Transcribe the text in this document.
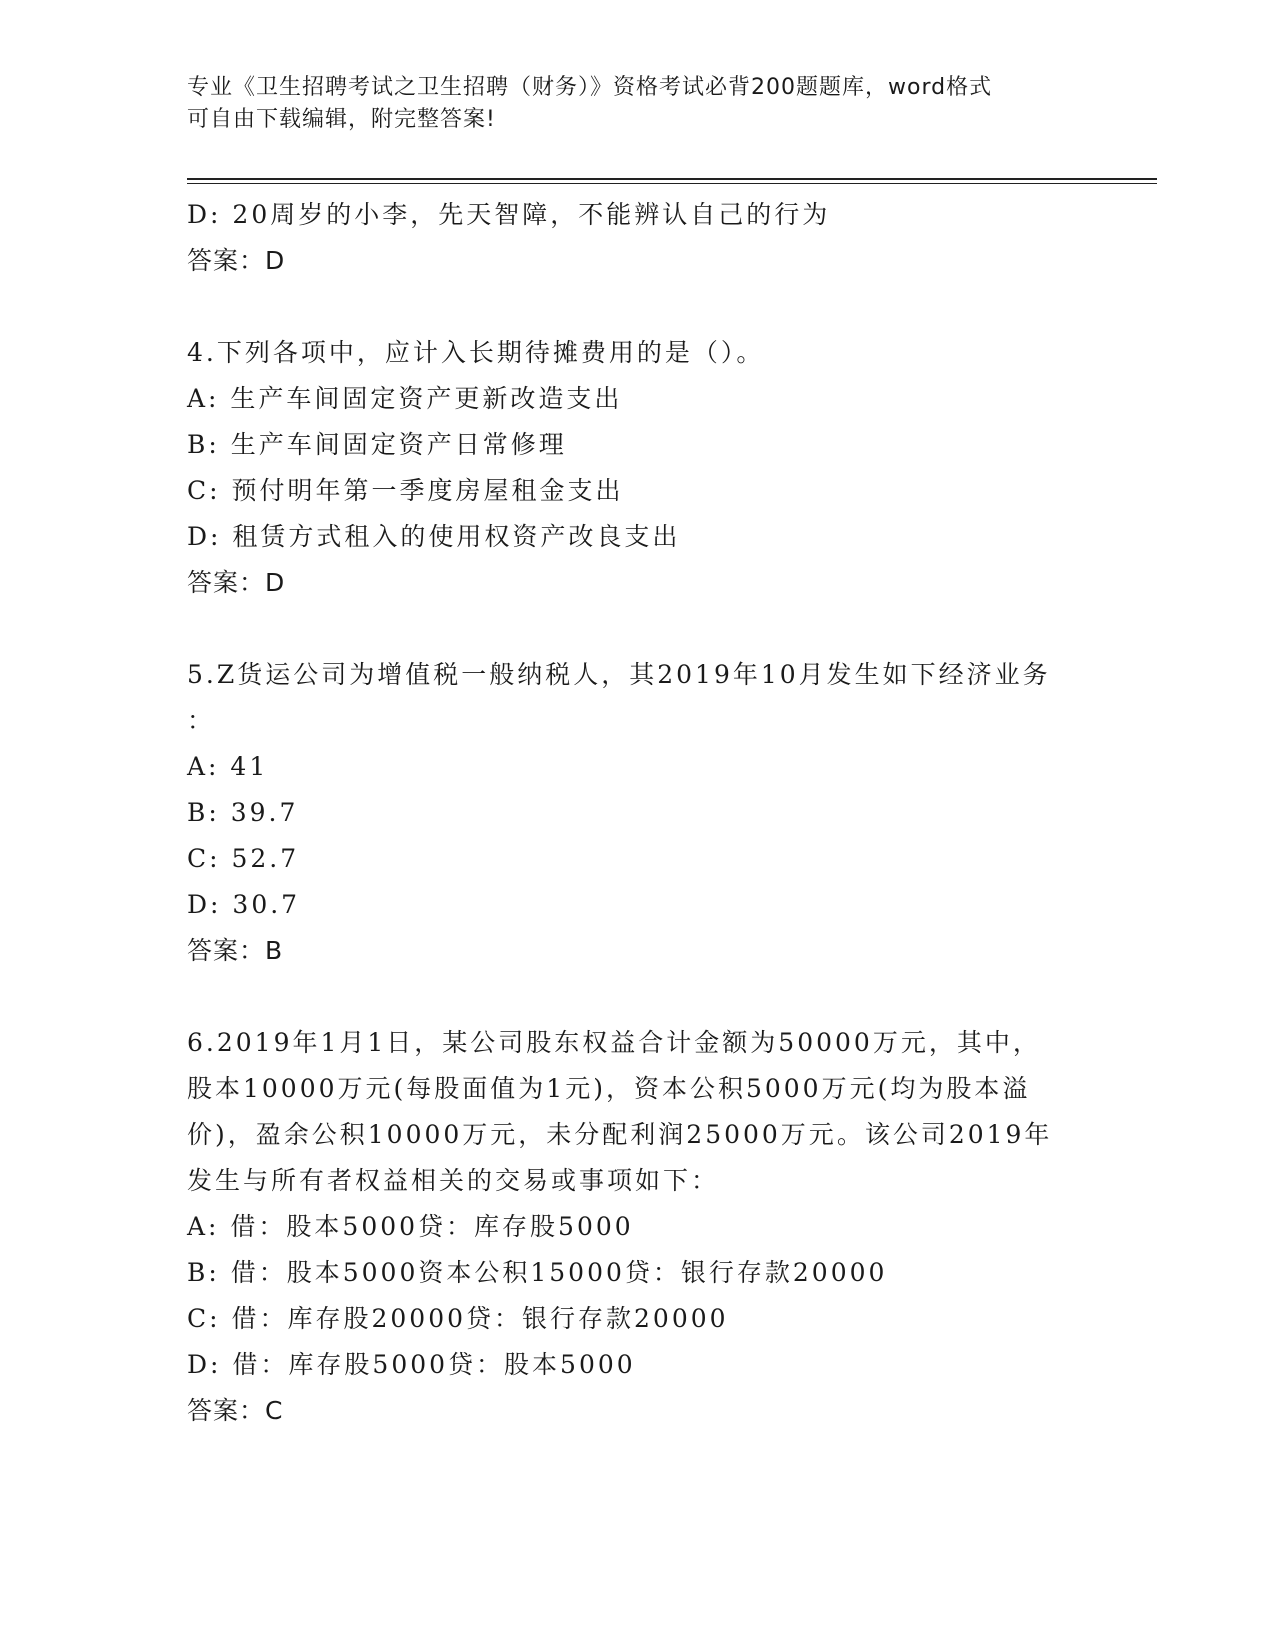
专业《卫生招聘考试之卫生招聘（财务）》资格考试必背200题题库，word格式
可自由下载编辑，附完整答案!
D: 20周岁的小李，先天智障，不能辨认自己的行为
答案：D
4.下列各项中，应计入长期待摊费用的是（）。
A: 生产车间固定资产更新改造支出
B: 生产车间固定资产日常修理
C: 预付明年第一季度房屋租金支出
D: 租赁方式租入的使用权资产改良支出
答案：D
5.Z货运公司为增值税一般纳税人，其2019年10月发生如下经济业务
：
A: 41
B: 39.7
C: 52.7
D: 30.7
答案：B
6.2019年1月1日，某公司股东权益合计金额为50000万元，其中，
股本10000万元(每股面值为1元)，资本公积5000万元(均为股本溢
价)，盈余公积10000万元，未分配利润25000万元。该公司2019年
发生与所有者权益相关的交易或事项如下：
A: 借：股本5000贷：库存股5000
B: 借：股本5000资本公积15000贷：银行存款20000
C: 借：库存股20000贷：银行存款20000
D: 借：库存股5000贷：股本5000
答案：C
